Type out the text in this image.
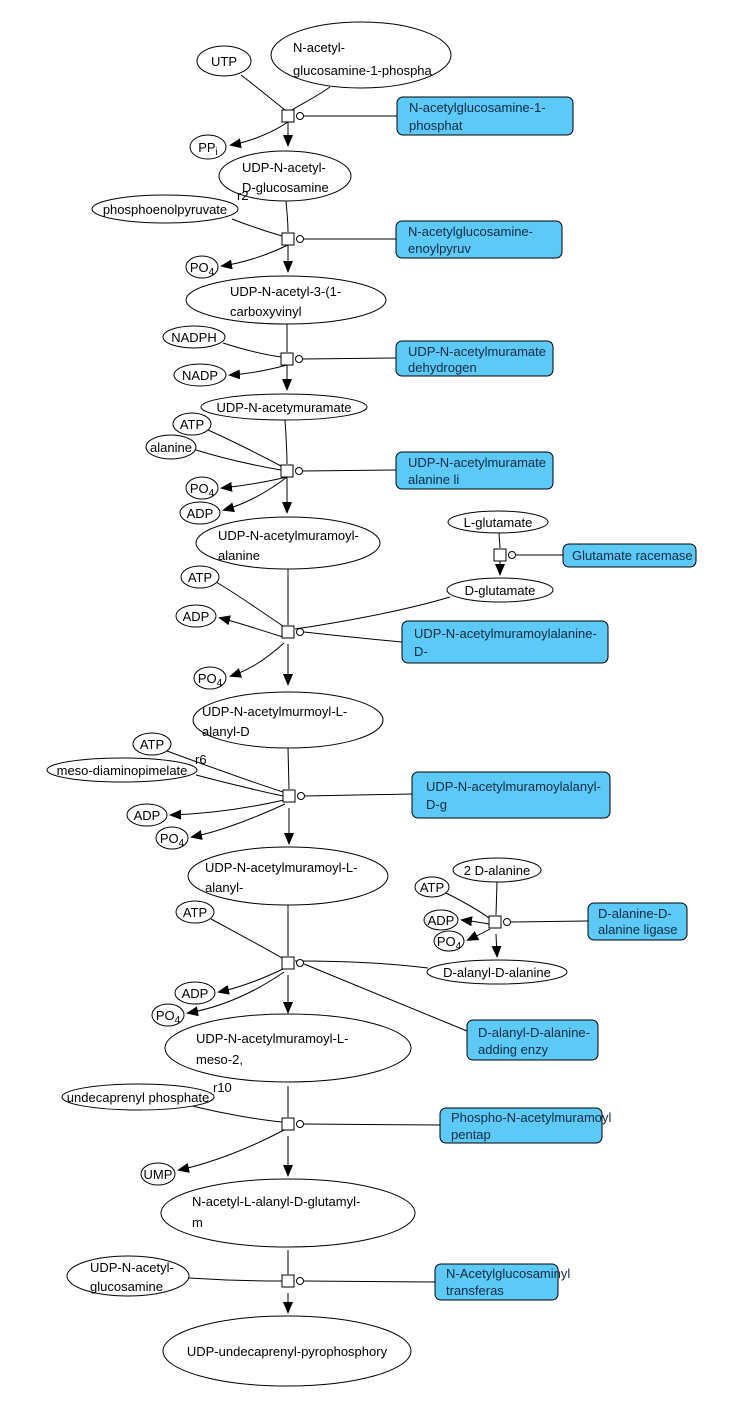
UTP
N-acetyl-
glucosamine-1-phospha
$PP_i$
UDP-N-acetyl-
D-glucosamine
phosphoenolpyruvate
$PO_4$
UDP-N-acetyl-3-(1-
carboxyvinyl
NADPH
NADP
UDP-N-acetymuramate
ATP
alanine
$PO_4$
ADP
UDP-N-acetylmuramoyl-
alanine
L-glutamate
D-glutamate
ATP
ADP
$PO_4$
UDP-N-acetylmurmoyl-L-
alanyl-D
ATP
meso-diaminopimelate
ADP
$PO_4$
UDP-N-acetylmuramoyl-L-
alanyl-
2 D-alanine
ATP
ADP
$PO_4$
D-alanyl-D-alanine
ATP
ADP
$PO_4$
UDP-N-acetylmuramoyl-L-
meso-2,
undecaprenyl phosphate
UMP
N-acetyl-L-alanyl-D-glutamyl-
m
UDP-N-acetyl-
glucosamine
UDP-undecaprenyl-pyrophosphory
r2
r6
r10
N-acetylglucosamine-1-
phosphat
N-acetylglucosamine-
enoylpyruv
UDP-N-acetylmuramate
dehydrogen
UDP-N-acetylmuramate
alanine li
Glutamate racemase
UDP-N-acetylmuramoylalanine-
D-
UDP-N-acetylmuramoylalanyl-
D-g
D-alanine-D-
alanine ligase
D-alanyl-D-alanine-
adding enzy
Phospho-N-acetylmuramoyl
pentap
N-Acetylglucosaminyl
transferas
